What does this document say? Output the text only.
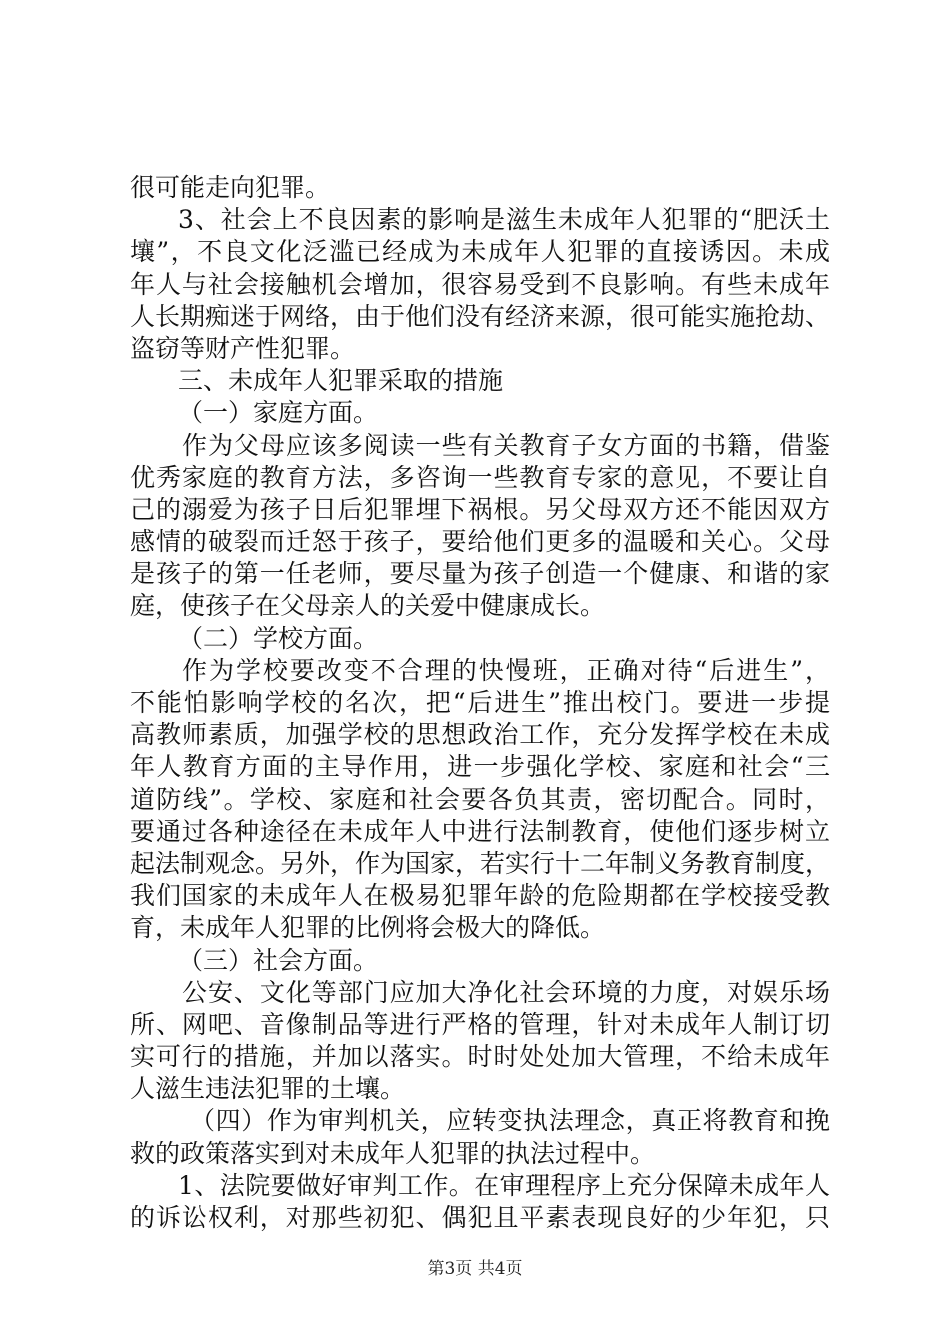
很可能走向犯罪。
3、社会上不良因素的影响是滋生未成年人犯罪的“肥沃土
壤”，不良文化泛滥已经成为未成年人犯罪的直接诱因。未成
年人与社会接触机会增加，很容易受到不良影响。有些未成年
人长期痴迷于网络，由于他们没有经济来源，很可能实施抢劫、
盗窃等财产性犯罪。
三、未成年人犯罪采取的措施
（一）家庭方面。
作为父母应该多阅读一些有关教育子女方面的书籍，借鉴
优秀家庭的教育方法，多咨询一些教育专家的意见，不要让自
己的溺爱为孩子日后犯罪埋下祸根。另父母双方还不能因双方
感情的破裂而迁怒于孩子，要给他们更多的温暖和关心。父母
是孩子的第一任老师，要尽量为孩子创造一个健康、和谐的家
庭，使孩子在父母亲人的关爱中健康成长。
（二）学校方面。
作为学校要改变不合理的快慢班，正确对待“后进生”，
不能怕影响学校的名次，把“后进生”推出校门。要进一步提
高教师素质，加强学校的思想政治工作，充分发挥学校在未成
年人教育方面的主导作用，进一步强化学校、家庭和社会“三
道防线”。学校、家庭和社会要各负其责，密切配合。同时，
要通过各种途径在未成年人中进行法制教育，使他们逐步树立
起法制观念。另外，作为国家，若实行十二年制义务教育制度，
我们国家的未成年人在极易犯罪年龄的危险期都在学校接受教
育，未成年人犯罪的比例将会极大的降低。
（三）社会方面。
公安、文化等部门应加大净化社会环境的力度，对娱乐场
所、网吧、音像制品等进行严格的管理，针对未成年人制订切
实可行的措施，并加以落实。时时处处加大管理，不给未成年
人滋生违法犯罪的土壤。
（四）作为审判机关，应转变执法理念，真正将教育和挽
救的政策落实到对未成年人犯罪的执法过程中。
1、法院要做好审判工作。在审理程序上充分保障未成年人
的诉讼权利，对那些初犯、偶犯且平素表现良好的少年犯，只
第3页 共4页
